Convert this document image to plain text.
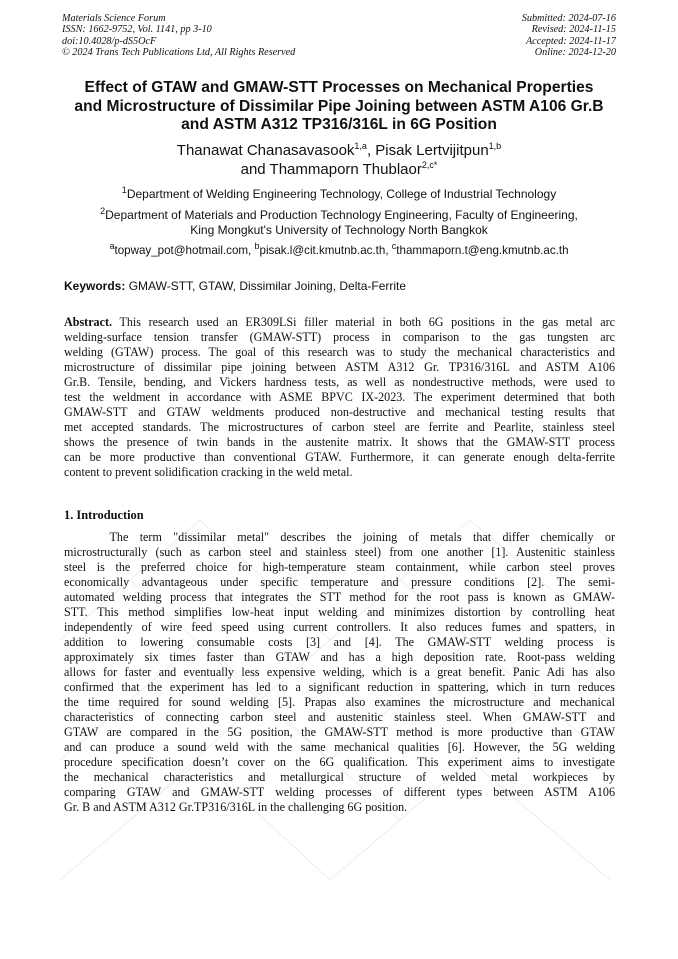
Materials Science Forum
ISSN: 1662-9752, Vol. 1141, pp 3-10
doi:10.4028/p-dS5OcF
© 2024 Trans Tech Publications Ltd, All Rights Reserved
Submitted: 2024-07-16
Revised: 2024-11-15
Accepted: 2024-11-17
Online: 2024-12-20
Effect of GTAW and GMAW-STT Processes on Mechanical Properties
and Microstructure of Dissimilar Pipe Joining between ASTM A106 Gr.B
and ASTM A312 TP316/316L in 6G Position
Thanawat Chanasavasook$^{1,a}$, Pisak Lertvijitpun$^{1,b}$
and Thammaporn Thublaor$^{2,c*}$
$^1$Department of Welding Engineering Technology, College of Industrial Technology
$^2$Department of Materials and Production Technology Engineering, Faculty of Engineering,
King Mongkut's University of Technology North Bangkok
$^a$topway_pot@hotmail.com, $^b$pisak.l@cit.kmutnb.ac.th, $^c$thammaporn.t@eng.kmutnb.ac.th
Keywords: GMAW-STT, GTAW, Dissimilar Joining, Delta-Ferrite
Abstract. This research used an ER309LSi filler material in both 6G positions in the gas metal arc
welding-surface tension transfer (GMAW-STT) process in comparison to the gas tungsten arc
welding (GTAW) process. The goal of this research was to study the mechanical characteristics and
microstructure of dissimilar pipe joining between ASTM A312 Gr. TP316/316L and ASTM A106
Gr.B. Tensile, bending, and Vickers hardness tests, as well as nondestructive methods, were used to
test the weldment in accordance with ASME BPVC IX-2023. The experiment determined that both
GMAW-STT and GTAW weldments produced non-destructive and mechanical testing results that
met accepted standards. The microstructures of carbon steel are ferrite and Pearlite, stainless steel
shows the presence of twin bands in the austenite matrix. It shows that the GMAW-STT process
can be more productive than conventional GTAW. Furthermore, it can generate enough delta-ferrite
content to prevent solidification cracking in the weld metal.
1. Introduction
The term "dissimilar metal" describes the joining of metals that differ chemically or
microstructurally (such as carbon steel and stainless steel) from one another [1]. Austenitic stainless
steel is the preferred choice for high-temperature steam containment, while carbon steel proves
economically advantageous under specific temperature and pressure conditions [2]. The semi-
automated welding process that integrates the STT method for the root pass is known as GMAW-
STT. This method simplifies low-heat input welding and minimizes distortion by controlling heat
independently of wire feed speed using current controllers. It also reduces fumes and spatters, in
addition to lowering consumable costs [3] and [4]. The GMAW-STT welding process is
approximately six times faster than GTAW and has a high deposition rate. Root-pass welding
allows for faster and eventually less expensive welding, which is a great benefit. Panic Adi has also
confirmed that the experiment has led to a significant reduction in spattering, which in turn reduces
the time required for sound welding [5]. Prapas also examines the microstructure and mechanical
characteristics of connecting carbon steel and austenitic stainless steel. When GMAW-STT and
GTAW are compared in the 5G position, the GMAW-STT method is more productive than GTAW
and can produce a sound weld with the same mechanical qualities [6]. However, the 5G welding
procedure specification doesn’t cover on the 6G qualification. This experiment aims to investigate
the mechanical characteristics and metallurgical structure of welded metal workpieces by
comparing GTAW and GMAW-STT welding processes of different types between ASTM A106
Gr. B and ASTM A312 Gr.TP316/316L in the challenging 6G position.
